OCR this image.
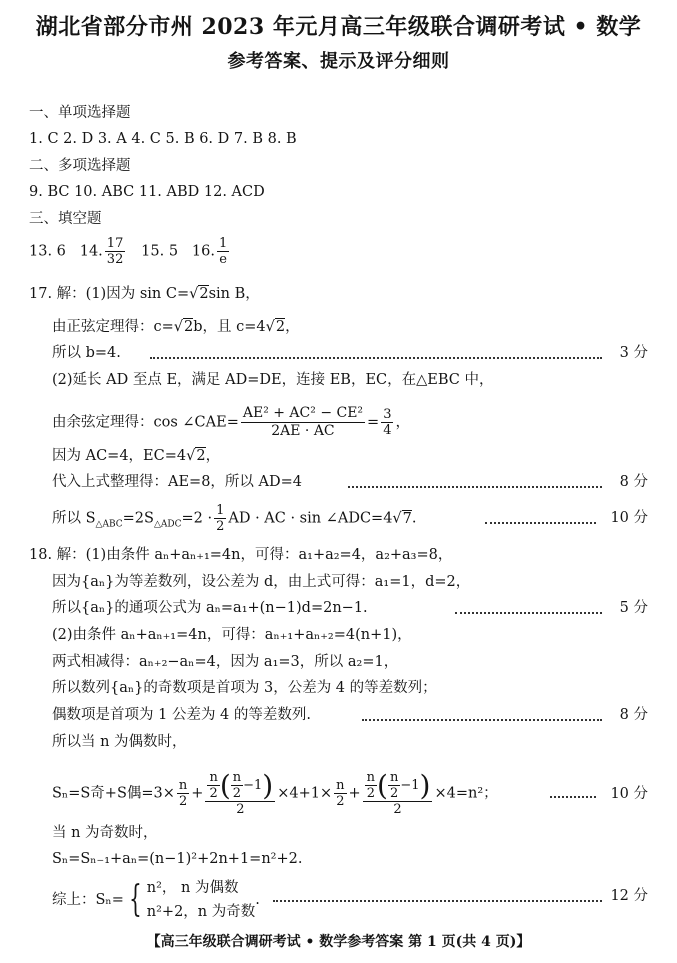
湖北省部分市州 2023 年元月高三年级联合调研考试 • 数学
参考答案、提示及评分细则
一、单项选择题
1. C 2. D 3. A 4. C 5. B 6. D 7. B 8. B
二、多项选择题
9. BC 10. ABC 11. ABD 12. ACD
三、填空题
13. 6 14. $\frac{17}{32} 15$. 5 16. $\frac{1}{e}$
17. 解：(1)因为 sin C=√2sin B，
由正弦定理得：c=√2b，且 c=4√2，
所以 b=4.	3 分
(2)延长 AD 至点 E，满足 AD=DE，连接 EB，EC，在△EBC 中，
由余弦定理得：cos ∠CAE= $\frac{\text{AE² + AC² − CE²}}{2AE \cdot AC} = \frac{3}{4}$ ，
因为 AC=4，EC=4√2，
代入上式整理得：AE=8，所以 AD=4	8 分
所以 $S_{\triangle ABC}=2S_{\triangle ADC}=2 \cdot \frac{1}{2}$ AD · AC · sin ∠ADC=4√7.	10 分
18. 解：(1)由条件 aₙ+aₙ₊₁=4n，可得：a₁+a₂=4，a₂+a₃=8，
因为{aₙ}为等差数列，设公差为 d，由上式可得：a₁=1，d=2，
所以{aₙ}的通项公式为 aₙ=a₁+(n−1)d=2n−1.	5 分
(2)由条件 aₙ+aₙ₊₁=4n，可得：aₙ₊₁+aₙ₊₂=4(n+1)，
两式相减得：aₙ₊₂−aₙ=4，因为 a₁=3，所以 a₂=1，
所以数列{aₙ}的奇数项是首项为 3，公差为 4 的等差数列；
偶数项是首项为 1 公差为 4 的等差数列.	8 分
所以当 n 为偶数时，
Sₙ=S奇+S偶$=3\times \frac{n}{2} + \frac{\frac{n}{2} ( \frac{n}{2} -1)}{2} \times 4+1\times \frac{n}{2} + \frac{\frac{n}{2} ( \frac{n}{2} -1)}{2} \times 4=n^2$；	10 分
当 n 为奇数时，
Sₙ=Sₙ₋₁+aₙ=(n−1)²+2n+1=n²+2.
综上：Sₙ= { n²， n 为偶数
n²+2，n 为奇数
.	12 分
【高三年级联合调研考试 • 数学参考答案 第 1 页(共 4 页)】
